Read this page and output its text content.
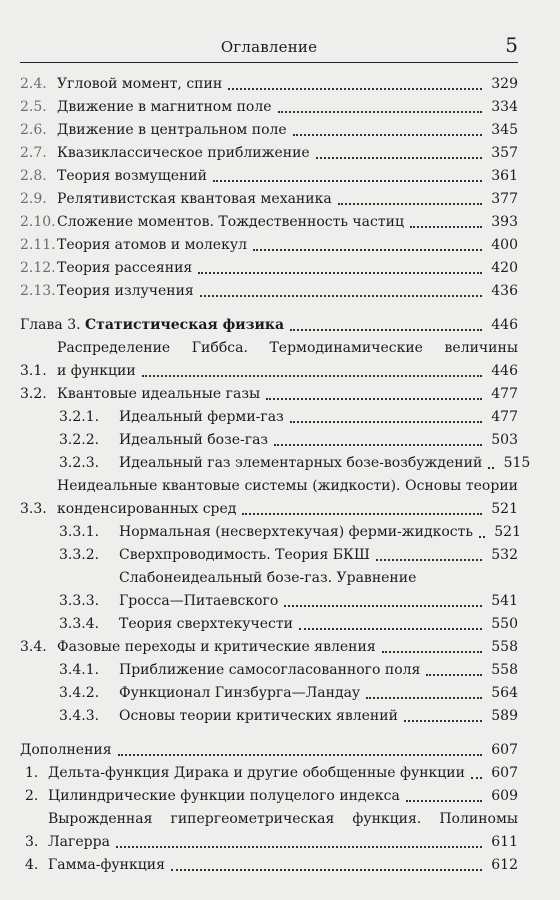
Оглавление	5
2.4. Угловой момент, спин	329
2.5. Движение в магнитном поле	334
2.6. Движение в центральном поле	345
2.7. Квазиклассическое приближение	357
2.8. Теория возмущений	361
2.9. Релятивистская квантовая механика	377
2.10. Сложение моментов. Тождественность частиц	393
2.11. Теория атомов и молекул	400
2.12. Теория рассеяния	420
2.13. Теория излучения	436
Глава 3. Статистическая физика	446
3.1.
Распределение Гиббса. Термодинамические величины
и функции	446
3.2. Квантовые идеальные газы	477
3.2.1.	Идеальный ферми-газ	477
3.2.2.	Идеальный бозе-газ	503
3.2.3.	Идеальный газ элементарных бозе-возбуждений 515
3.3.
Неидеальные квантовые системы (жидкости). Основы теории
конденсированных сред	521
3.3.1.	Нормальная (несверхтекучая) ферми-жидкость 521
3.3.2.	Сверхпроводимость. Теория БКШ	532
3.3.3.
Слабонеидеальный бозе-газ. Уравнение
Гросса—Питаевского	541
3.3.4.	Теория сверхтекучести	550
3.4. Фазовые переходы и критические явления	558
3.4.1.	Приближение самосогласованного поля	558
3.4.2.	Функционал Гинзбурга—Ландау	564
3.4.3.	Основы теории критических явлений	589
Дополнения	607
1. Дельта-функция Дирака и другие обобщенные функции 607
2. Цилиндрические функции полуцелого индекса	609
3.
Вырожденная гипергеометрическая функция. Полиномы
Лагерра	611
4. Гамма-функция	612
